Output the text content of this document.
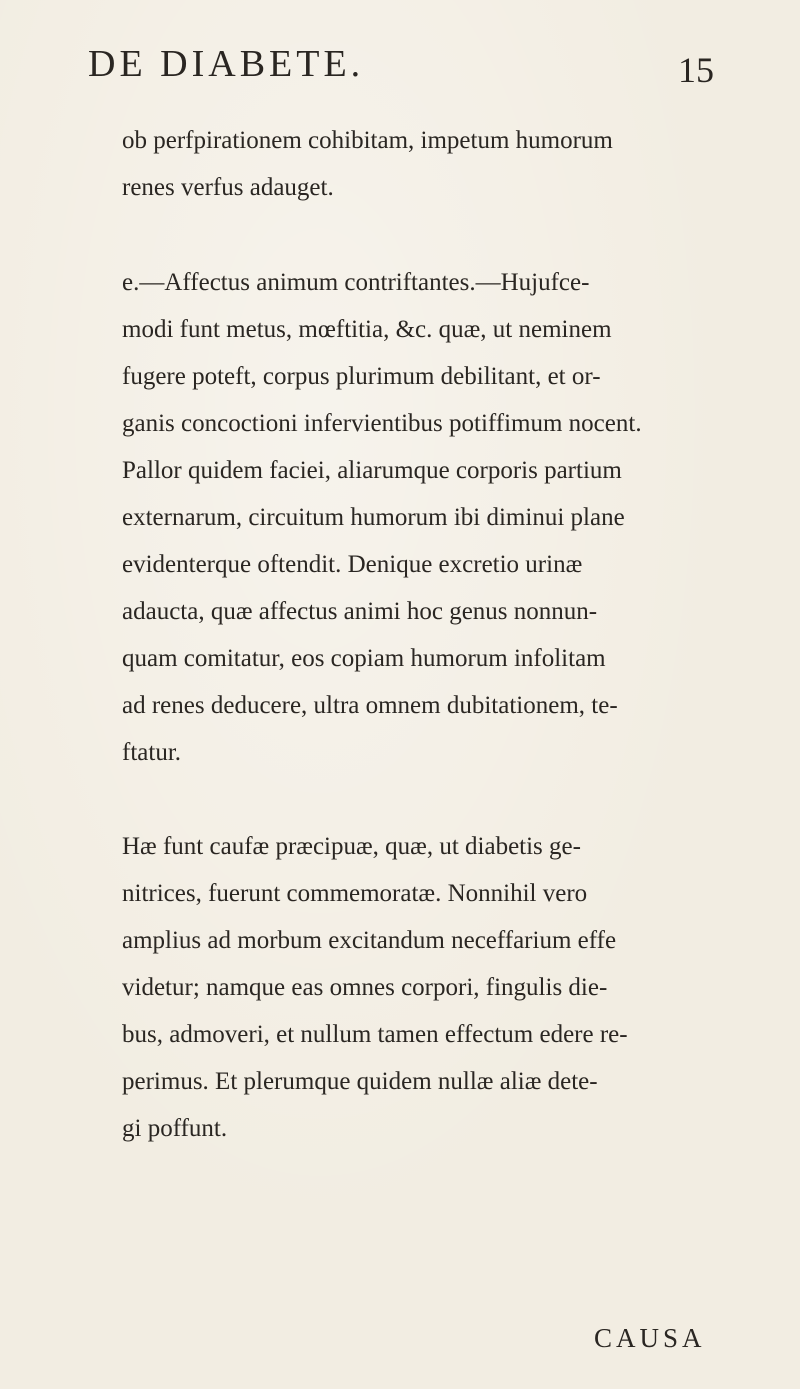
DE DIABETE.	15
ob perfpirationem cohibitam, impetum humorum
renes verfus adauget.
e.—Affectus animum contriftantes.—Hujufce-
modi funt metus, mœftitia, &c. quæ, ut neminem
fugere poteft, corpus plurimum debilitant, et or-
ganis concoctioni infervientibus potiffimum nocent.
Pallor quidem faciei, aliarumque corporis partium
externarum, circuitum humorum ibi diminui plane
evidenterque oftendit. Denique excretio urinæ
adaucta, quæ affectus animi hoc genus nonnun-
quam comitatur, eos copiam humorum infolitam
ad renes deducere, ultra omnem dubitationem, te-
ftatur.
Hæ funt caufæ præcipuæ, quæ, ut diabetis ge-
nitrices, fuerunt commemoratæ. Nonnihil vero
amplius ad morbum excitandum neceffarium effe
videtur; namque eas omnes corpori, fingulis die-
bus, admoveri, et nullum tamen effectum edere re-
perimus. Et plerumque quidem nullæ aliæ dete-
gi poffunt.
CAUSA
